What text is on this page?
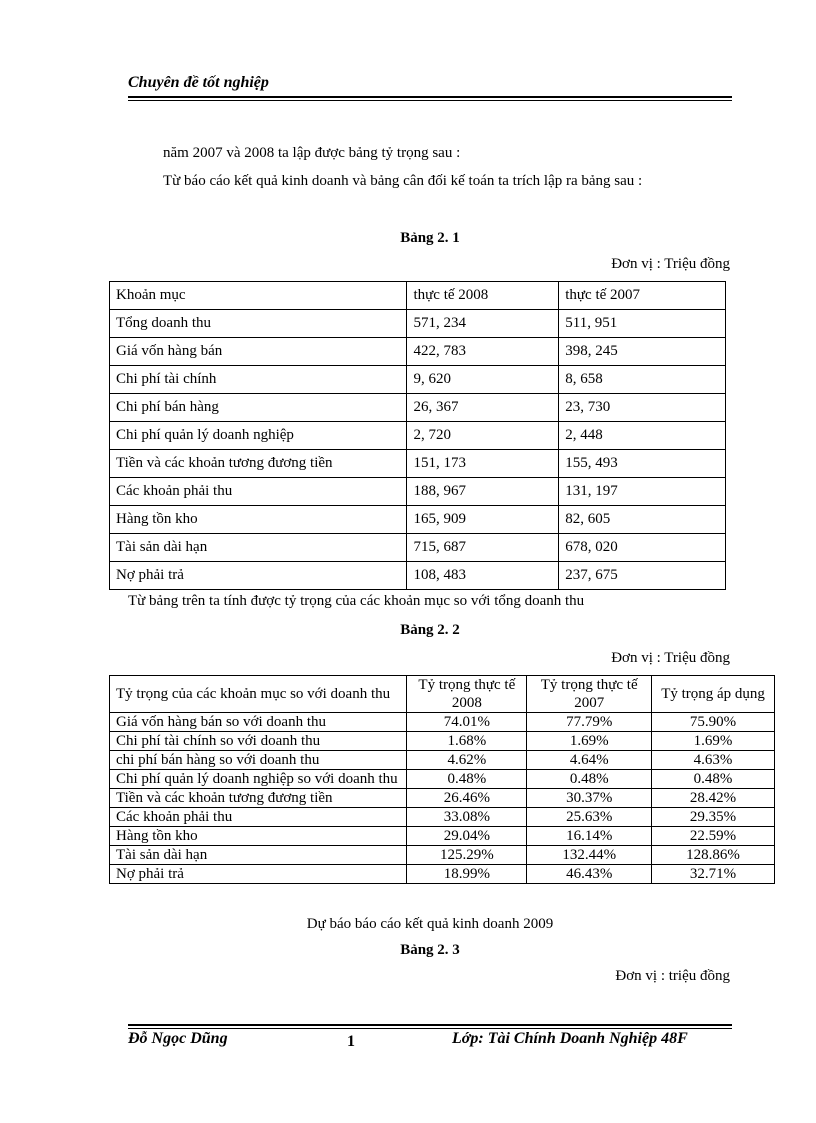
Chuyên đề tốt nghiệp
năm 2007 và 2008 ta lập được bảng tỷ trọng sau :
Từ báo cáo kết quả kinh doanh và bảng cân đối kế toán ta trích lập ra bảng sau :
Bảng 2. 1
Đơn vị : Triệu đồng
Khoản mục	thực tế 2008	thực tế 2007
Tổng doanh thu	571, 234	511, 951
Giá vốn hàng bán	422, 783	398, 245
Chi phí tài chính	9, 620	8, 658
Chi phí bán hàng	26, 367	23, 730
Chi phí quản lý doanh nghiệp	2, 720	2, 448
Tiền và các khoản tương đương tiền	151, 173	155, 493
Các khoản phải thu	188, 967	131, 197
Hàng tồn kho	165, 909	82, 605
Tài sản dài hạn	715, 687	678, 020
Nợ phải trả	108, 483	237, 675
Từ bảng trên ta tính được tỷ trọng của các khoản mục so với tổng doanh thu
Bảng 2. 2
Đơn vị : Triệu đồng
Tỷ trọng của các khoản mục so với doanh thu	Tỷ trọng thực tế 2008	Tỷ trọng thực tế 2007	Tỷ trọng áp dụng
Giá vốn hàng bán so với doanh thu	74.01%	77.79%	75.90%
Chi phí tài chính so với doanh thu	1.68%	1.69%	1.69%
chi phí bán hàng so với doanh thu	4.62%	4.64%	4.63%
Chi phí quản lý doanh nghiệp so với doanh thu	0.48%	0.48%	0.48%
Tiền và các khoản tương đương tiền	26.46%	30.37%	28.42%
Các khoản phải thu	33.08%	25.63%	29.35%
Hàng tồn kho	29.04%	16.14%	22.59%
Tài sản dài hạn	125.29%	132.44%	128.86%
Nợ phải trả	18.99%	46.43%	32.71%
Dự báo báo cáo kết quả kinh doanh 2009
Bảng 2. 3
Đơn vị : triệu đồng
Đỗ Ngọc Dũng	1	Lớp: Tài Chính Doanh Nghiệp 48F
